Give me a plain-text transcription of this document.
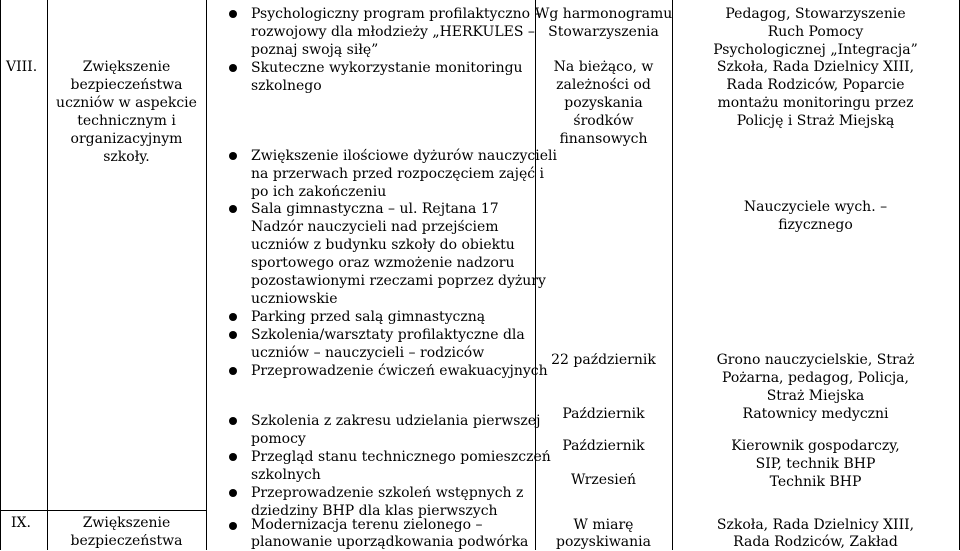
VIII.	Zwiększenie
bezpieczeństwa
uczniów w aspekcie
technicznym i
organizacyjnym
szkoły.
Psychologiczny program profilaktyczno –
rozwojowy dla młodzieży „HERKULES –
poznaj swoją siłę”
Skuteczne wykorzystanie monitoringu
szkolnego
Zwiększenie ilościowe dyżurów nauczycieli
na przerwach przed rozpoczęciem zajęć i
po ich zakończeniu
Sala gimnastyczna – ul. Rejtana 17
Nadzór nauczycieli nad przejściem
uczniów z budynku szkoły do obiektu
sportowego oraz wzmożenie nadzoru
pozostawionymi rzeczami poprzez dyżury
uczniowskie
Parking przed salą gimnastyczną
Szkolenia/warsztaty profilaktyczne dla
uczniów – nauczycieli – rodziców
Przeprowadzenie ćwiczeń ewakuacyjnych
Szkolenia z zakresu udzielania pierwszej
pomocy
Przegląd stanu technicznego pomieszczeń
szkolnych
Przeprowadzenie szkoleń wstępnych z
dziedziny BHP dla klas pierwszych
Wg harmonogramu
Stowarzyszenia
Na bieżąco, w
zależności od
pozyskania
środków
finansowych
22 październik
Październik
Październik
Wrzesień
Pedagog, Stowarzyszenie
Ruch Pomocy
Psychologicznej „Integracja”
Szkoła, Rada Dzielnicy XIII,
Rada Rodziców, Poparcie
montażu monitoringu przez
Policję i Straż Miejską
Nauczyciele wych. –
fizycznego
Grono nauczycielskie, Straż
Pożarna, pedagog, Policja,
Straż Miejska
Ratownicy medyczni
Kierownik gospodarczy,
SIP, technik BHP
Technik BHP
IX.	Zwiększenie
bezpieczeństwa
Modernizacja terenu zielonego –
planowanie uporządkowania podwórka
W miarę
pozyskiwania
Szkoła, Rada Dzielnicy XIII,
Rada Rodziców, Zakład
